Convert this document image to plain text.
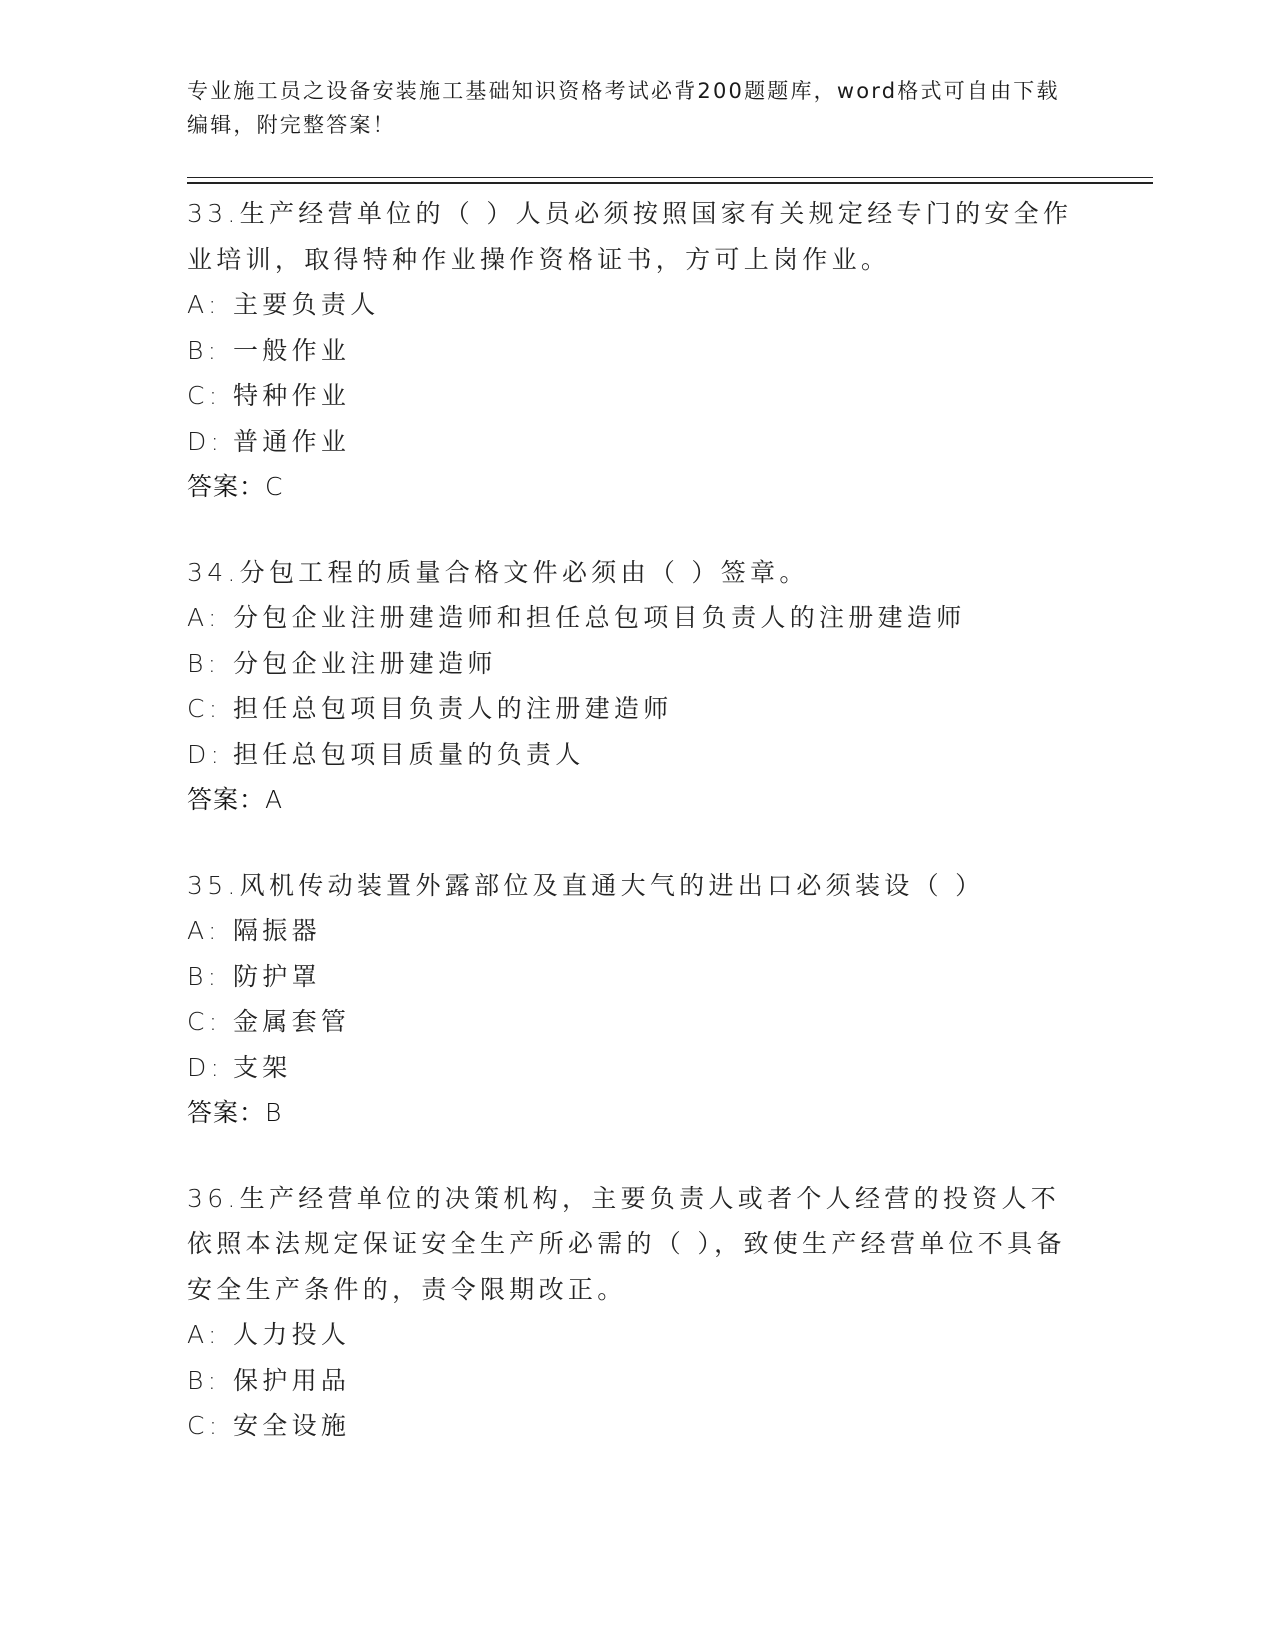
专业施工员之设备安装施工基础知识资格考试必背200题题库，word格式可自由下载编辑，附完整答案！

33.生产经营单位的（ ）人员必须按照国家有关规定经专门的安全作业培训，取得特种作业操作资格证书，方可上岗作业。

A: 主要负责人

B: 一般作业

C: 特种作业

D: 普通作业

答案：C

34.分包工程的质量合格文件必须由（ ）签章。

A: 分包企业注册建造师和担任总包项目负责人的注册建造师

B: 分包企业注册建造师

C: 担任总包项目负责人的注册建造师

D: 担任总包项目质量的负责人

答案：A

35.风机传动装置外露部位及直通大气的进出口必须装设（ ）

A: 隔振器

B: 防护罩

C: 金属套管

D: 支架

答案：B

36.生产经营单位的决策机构，主要负责人或者个人经营的投资人不依照本法规定保证安全生产所必需的（ ），致使生产经营单位不具备安全生产条件的，责令限期改正。

A: 人力投人

B: 保护用品

C: 安全设施
